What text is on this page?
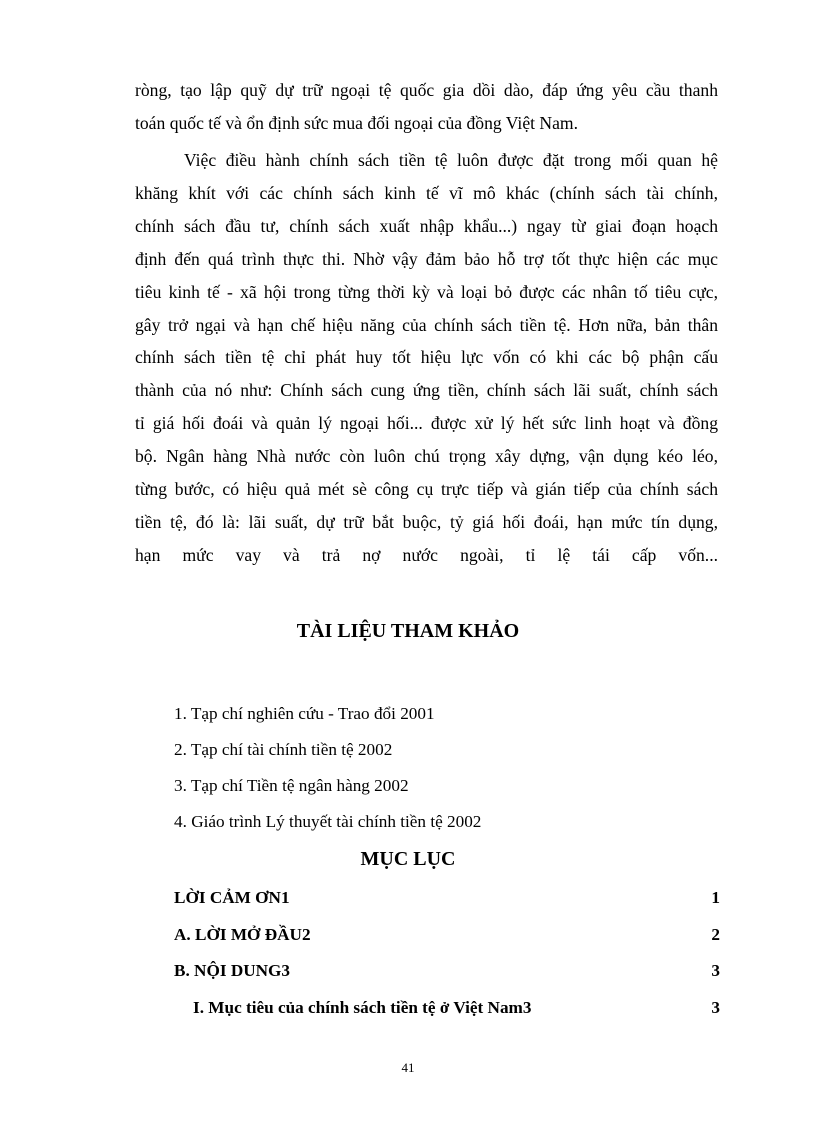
ròng, tạo lập quỹ dự trữ ngoại tệ quốc gia dồi dào, đáp ứng yêu cầu thanh
toán quốc tế và ổn định sức mua đối ngoại của đồng Việt Nam.
Việc điều hành chính sách tiền tệ luôn được đặt trong mối quan hệ
khăng khít với các chính sách kinh tế vĩ mô khác (chính sách tài chính,
chính sách đầu tư, chính sách xuất nhập khẩu...) ngay từ giai đoạn hoạch
định đến quá trình thực thi. Nhờ vậy đảm bảo hỗ trợ tốt thực hiện các mục
tiêu kinh tế - xã hội trong từng thời kỳ và loại bỏ được các nhân tố tiêu cực,
gây trở ngại và hạn chế hiệu năng của chính sách tiền tệ. Hơn nữa, bản thân
chính sách tiền tệ chỉ phát huy tốt hiệu lực vốn có khi các bộ phận cấu
thành của nó như: Chính sách cung ứng tiền, chính sách lãi suất, chính sách
tỉ giá hối đoái và quản lý ngoại hối... được xử lý hết sức linh hoạt và đồng
bộ. Ngân hàng Nhà nước còn luôn chú trọng xây dựng, vận dụng kéo léo,
từng bước, có hiệu quả mét sè công cụ trực tiếp và gián tiếp của chính sách
tiền tệ, đó là: lãi suất, dự trữ bắt buộc, tỷ giá hối đoái, hạn mức tín dụng,
hạn mức vay và trả nợ nước ngoài, tỉ lệ tái cấp vốn...
TÀI LIỆU THAM KHẢO
1. Tạp chí nghiên cứu - Trao đổi 2001
2. Tạp chí tài chính tiền tệ 2002
3. Tạp chí Tiền tệ ngân hàng 2002
4. Giáo trình Lý thuyết tài chính tiền tệ 2002
MỤC LỤC
LỜI CẢM ƠN1	1
A. LỜI MỞ ĐẦU2	2
B. NỘI DUNG3	3
I. Mục tiêu của chính sách tiền tệ ở Việt Nam3	3
41
